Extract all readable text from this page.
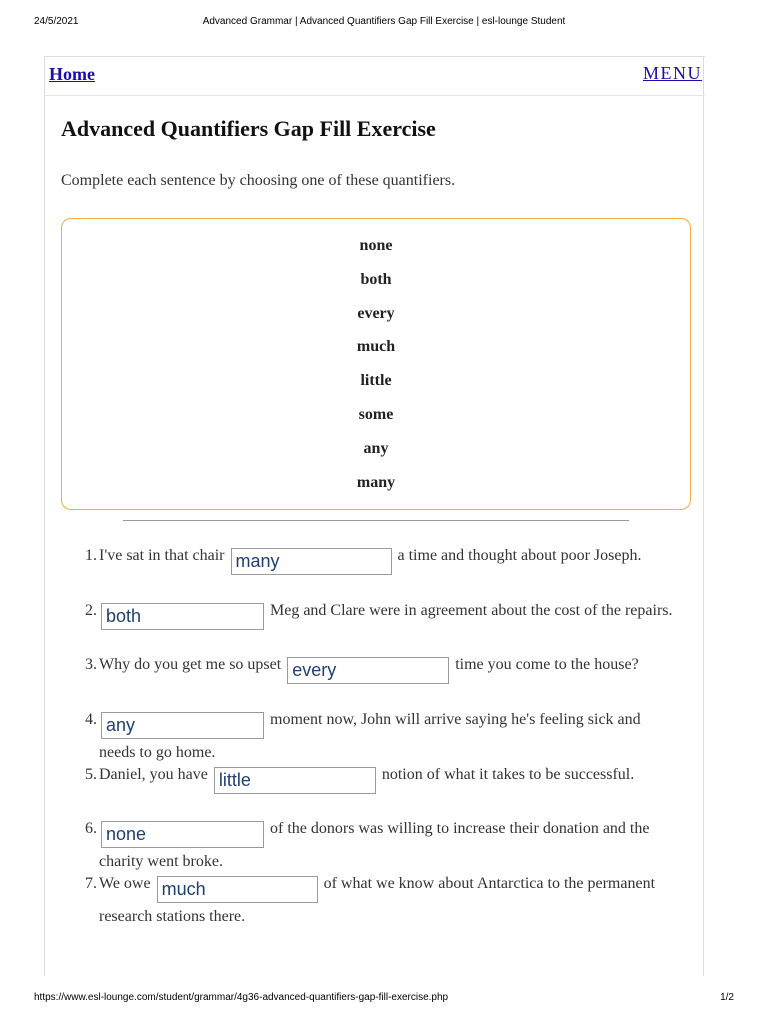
24/5/2021	Advanced Grammar | Advanced Quantifiers Gap Fill Exercise | esl-lounge Student
Home	MENU
Advanced Quantifiers Gap Fill Exercise

Complete each sentence by choosing one of these quantifiers.

none
both
every
much
little
some
any
many
1. I've sat in that chair many	a time and thought about poor Joseph.
2. both	Meg and Clare were in agreement about the cost of the repairs.
3. Why do you get me so upset every	time you come to the house?
4. any	moment now, John will arrive saying he's feeling sick and needs to go home.
5. Daniel, you have little	notion of what it takes to be successful.
6. none	of the donors was willing to increase their donation and the charity went broke.
7. We owe much	of what we know about Antarctica to the permanent research stations there.
https://www.esl-lounge.com/student/grammar/4g36-advanced-quantifiers-gap-fill-exercise.php	1/2
